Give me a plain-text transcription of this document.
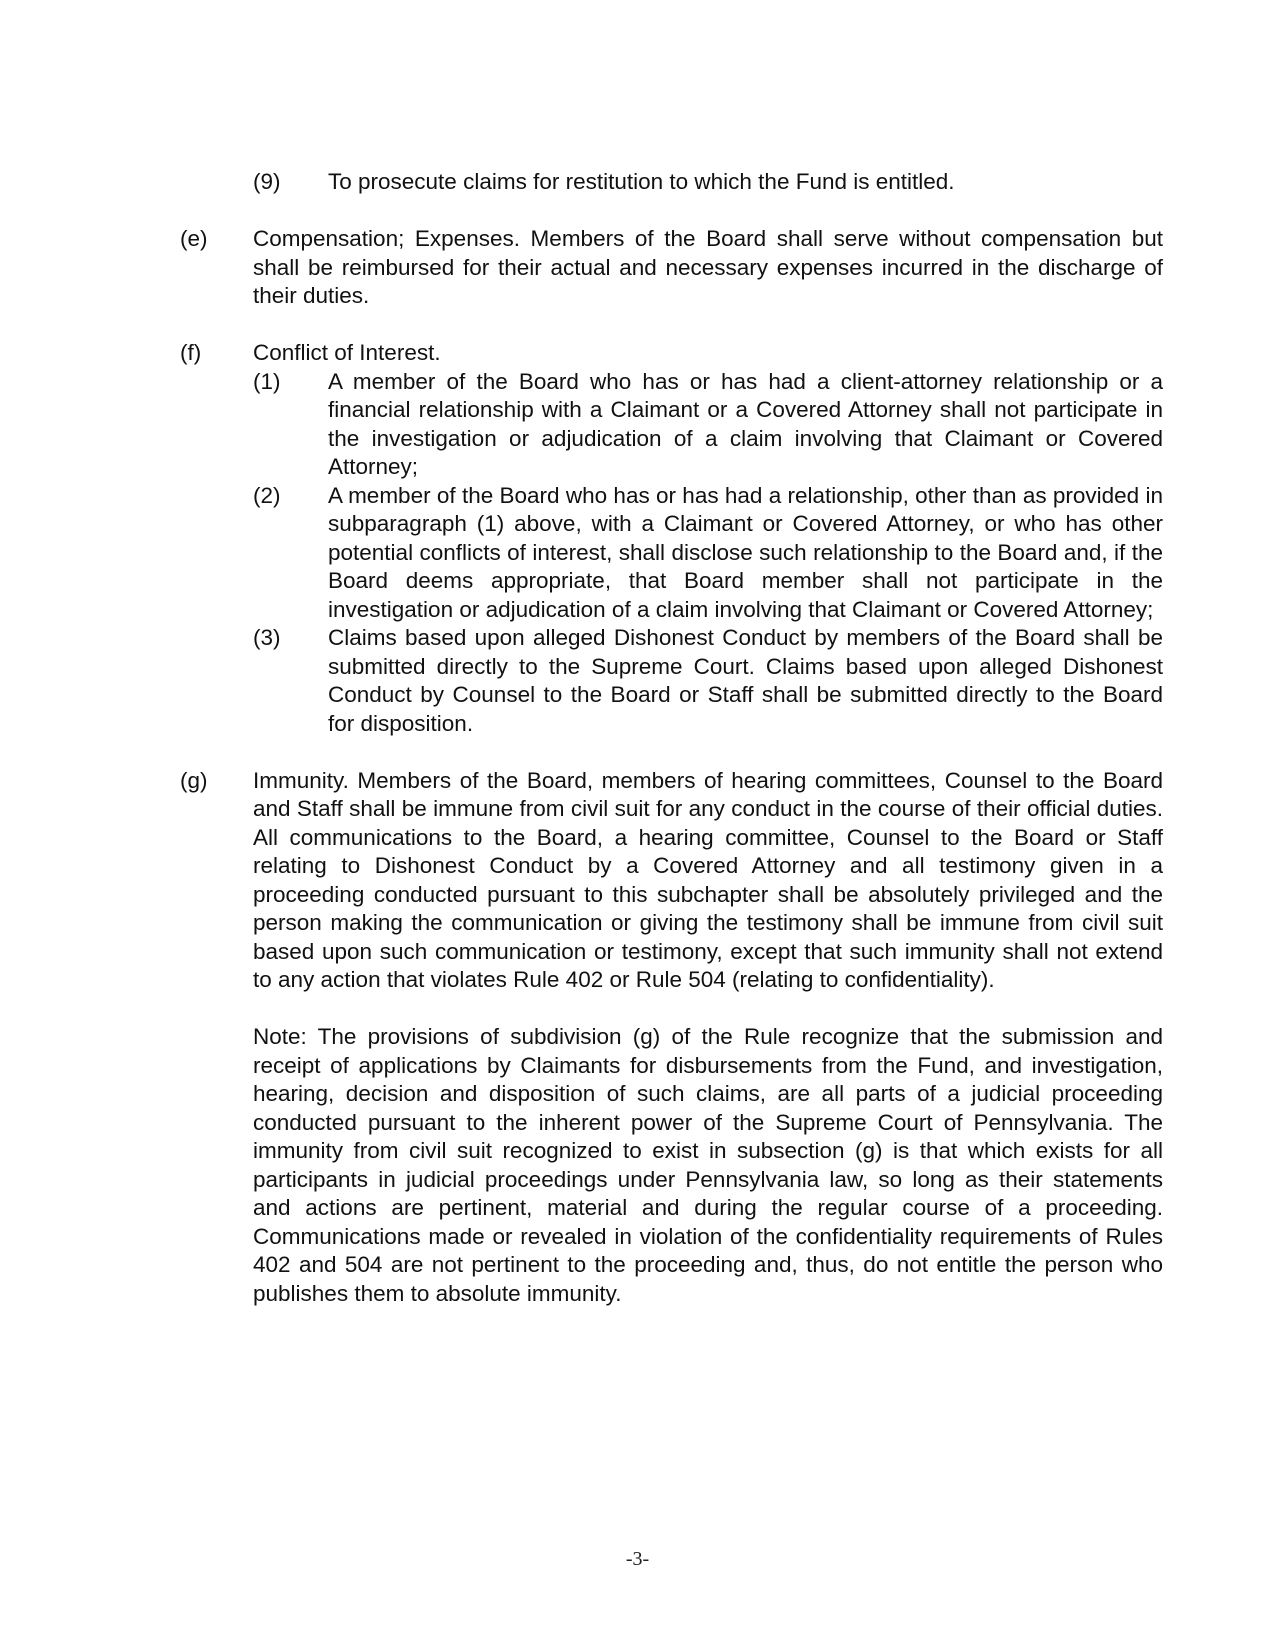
(9) To prosecute claims for restitution to which the Fund is entitled.
(e) Compensation; Expenses. Members of the Board shall serve without compensation but shall be reimbursed for their actual and necessary expenses incurred in the discharge of their duties.
(f) Conflict of Interest.
(1) A member of the Board who has or has had a client-attorney relationship or a financial relationship with a Claimant or a Covered Attorney shall not participate in the investigation or adjudication of a claim involving that Claimant or Covered Attorney;
(2) A member of the Board who has or has had a relationship, other than as provided in subparagraph (1) above, with a Claimant or Covered Attorney, or who has other potential conflicts of interest, shall disclose such relationship to the Board and, if the Board deems appropriate, that Board member shall not participate in the investigation or adjudication of a claim involving that Claimant or Covered Attorney;
(3) Claims based upon alleged Dishonest Conduct by members of the Board shall be submitted directly to the Supreme Court. Claims based upon alleged Dishonest Conduct by Counsel to the Board or Staff shall be submitted directly to the Board for disposition.
(g) Immunity. Members of the Board, members of hearing committees, Counsel to the Board and Staff shall be immune from civil suit for any conduct in the course of their official duties. All communications to the Board, a hearing committee, Counsel to the Board or Staff relating to Dishonest Conduct by a Covered Attorney and all testimony given in a proceeding conducted pursuant to this subchapter shall be absolutely privileged and the person making the communication or giving the testimony shall be immune from civil suit based upon such communication or testimony, except that such immunity shall not extend to any action that violates Rule 402 or Rule 504 (relating to confidentiality).
Note: The provisions of subdivision (g) of the Rule recognize that the submission and receipt of applications by Claimants for disbursements from the Fund, and investigation, hearing, decision and disposition of such claims, are all parts of a judicial proceeding conducted pursuant to the inherent power of the Supreme Court of Pennsylvania. The immunity from civil suit recognized to exist in subsection (g) is that which exists for all participants in judicial proceedings under Pennsylvania law, so long as their statements and actions are pertinent, material and during the regular course of a proceeding. Communications made or revealed in violation of the confidentiality requirements of Rules 402 and 504 are not pertinent to the proceeding and, thus, do not entitle the person who publishes them to absolute immunity.
-3-
